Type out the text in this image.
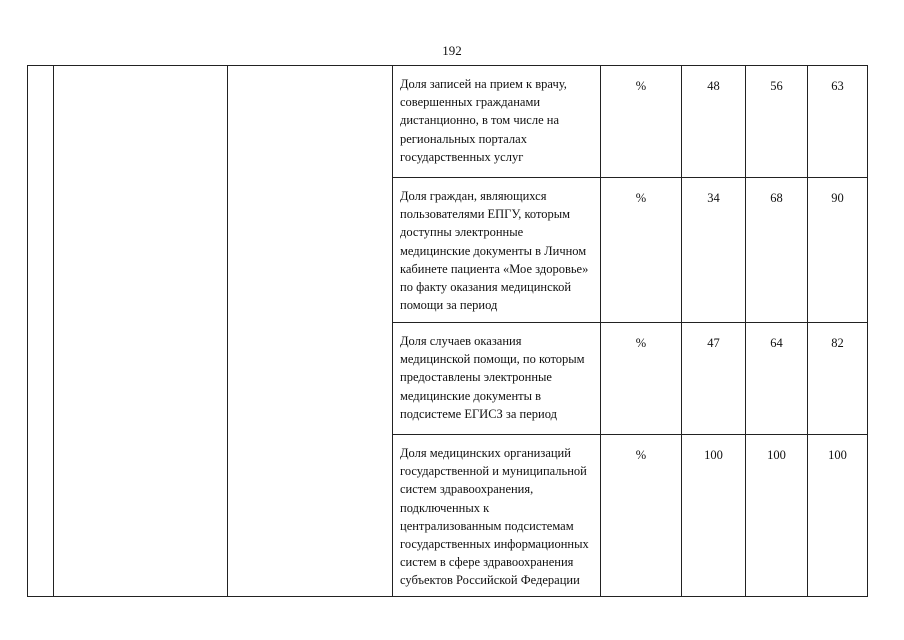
192

			Доля записей на прием к врачу, совершенных гражданами дистанционно, в том числе на региональных порталах государственных услуг	%	48	56	63

			Доля граждан, являющихся пользователями ЕПГУ, которым доступны электронные медицинские документы в Личном кабинете пациента «Мое здоровье» по факту оказания медицинской помощи за период	%	34	68	90

			Доля случаев оказания медицинской помощи, по которым предоставлены электронные медицинские документы в подсистеме ЕГИСЗ за период	%	47	64	82

			Доля медицинских организаций государственной и муниципальной систем здравоохранения, подключенных к централизованным подсистемам государственных информационных систем в сфере здравоохранения субъектов Российской Федерации	%	100	100	100
